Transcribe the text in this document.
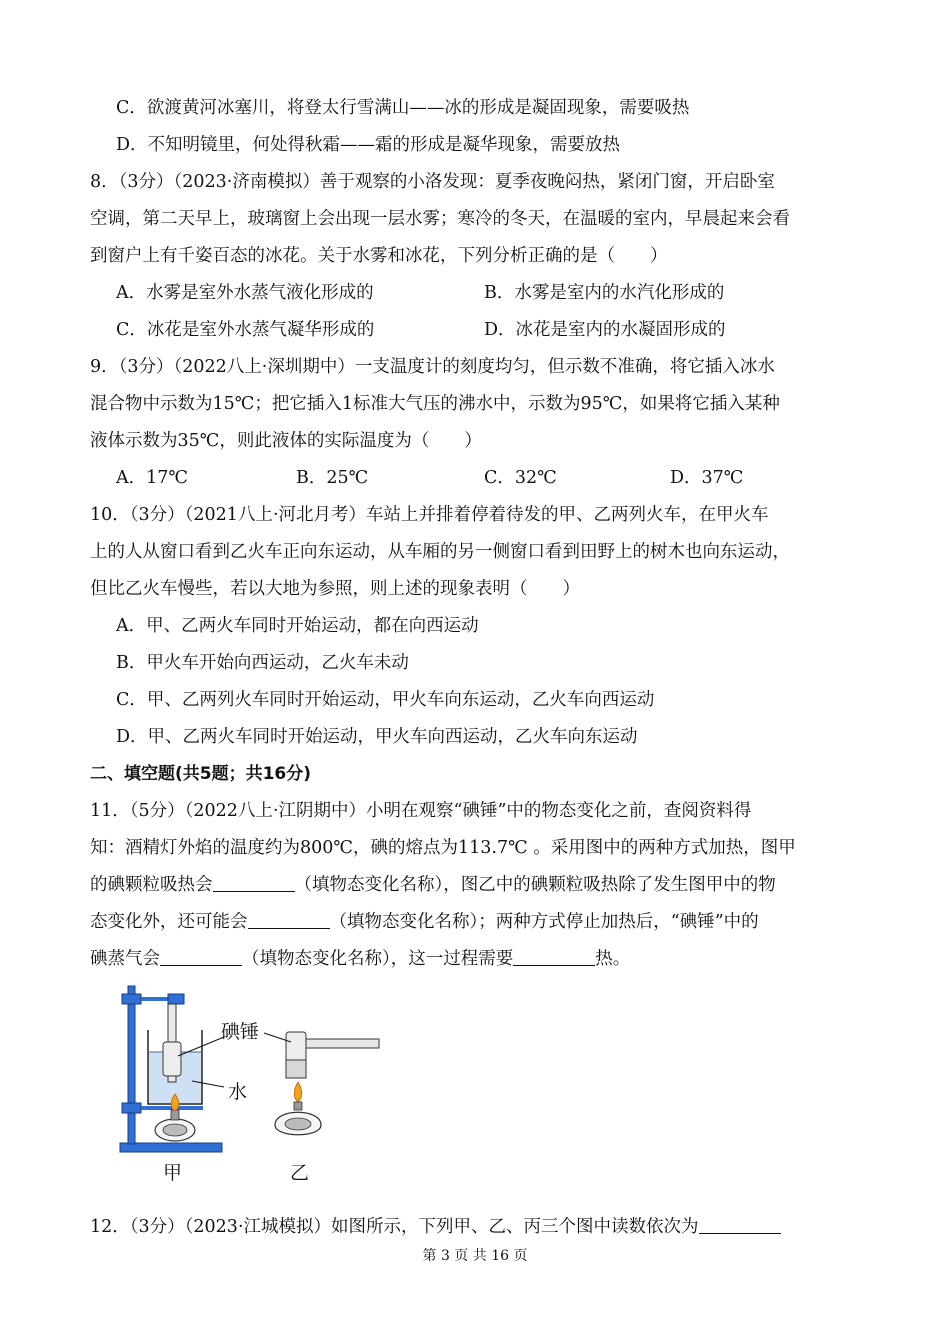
C．欲渡黄河冰塞川，将登太行雪满山——冰的形成是凝固现象，需要吸热
D．不知明镜里，何处得秋霜——霜的形成是凝华现象，需要放热
8．（3分）（2023·济南模拟）善于观察的小洛发现：夏季夜晚闷热，紧闭门窗，开启卧室
空调，第二天早上，玻璃窗上会出现一层水雾；寒冷的冬天，在温暖的室内，早晨起来会看
到窗户上有千姿百态的冰花。关于水雾和冰花，下列分析正确的是（　　）
A．水雾是室外水蒸气液化形成的	B．水雾是室内的水汽化形成的
C．冰花是室外水蒸气凝华形成的	D．冰花是室内的水凝固形成的
9．（3分）（2022八上·深圳期中）一支温度计的刻度均匀，但示数不准确，将它插入冰水
混合物中示数为15℃；把它插入1标准大气压的沸水中，示数为95℃，如果将它插入某种
液体示数为35℃，则此液体的实际温度为（　　）
A．17℃	B．25℃	C．32℃	D．37℃
10．（3分）（2021八上·河北月考）车站上并排着停着待发的甲、乙两列火车，在甲火车
上的人从窗口看到乙火车正向东运动，从车厢的另一侧窗口看到田野上的树木也向东运动，
但比乙火车慢些，若以大地为参照，则上述的现象表明（　　）
A．甲、乙两火车同时开始运动，都在向西运动
B．甲火车开始向西运动，乙火车未动
C．甲、乙两列火车同时开始运动，甲火车向东运动，乙火车向西运动
D．甲、乙两火车同时开始运动，甲火车向西运动，乙火车向东运动
二、填空题(共5题；共16分)
11．（5分）（2022八上·江阴期中）小明在观察“碘锤”中的物态变化之前，查阅资料得
知：酒精灯外焰的温度约为800℃，碘的熔点为113.7℃ 。采用图中的两种方式加热，图甲
的碘颗粒吸热会	（填物态变化名称），图乙中的碘颗粒吸热除了发生图甲中的物
态变化外，还可能会	（填物态变化名称）；两种方式停止加热后，“碘锤”中的
碘蒸气会	（填物态变化名称），这一过程需要	热。
碘锤
水
甲	乙
12．（3分）（2023·江城模拟）如图所示，下列甲、乙、丙三个图中读数依次为
第 3 页 共 16 页
